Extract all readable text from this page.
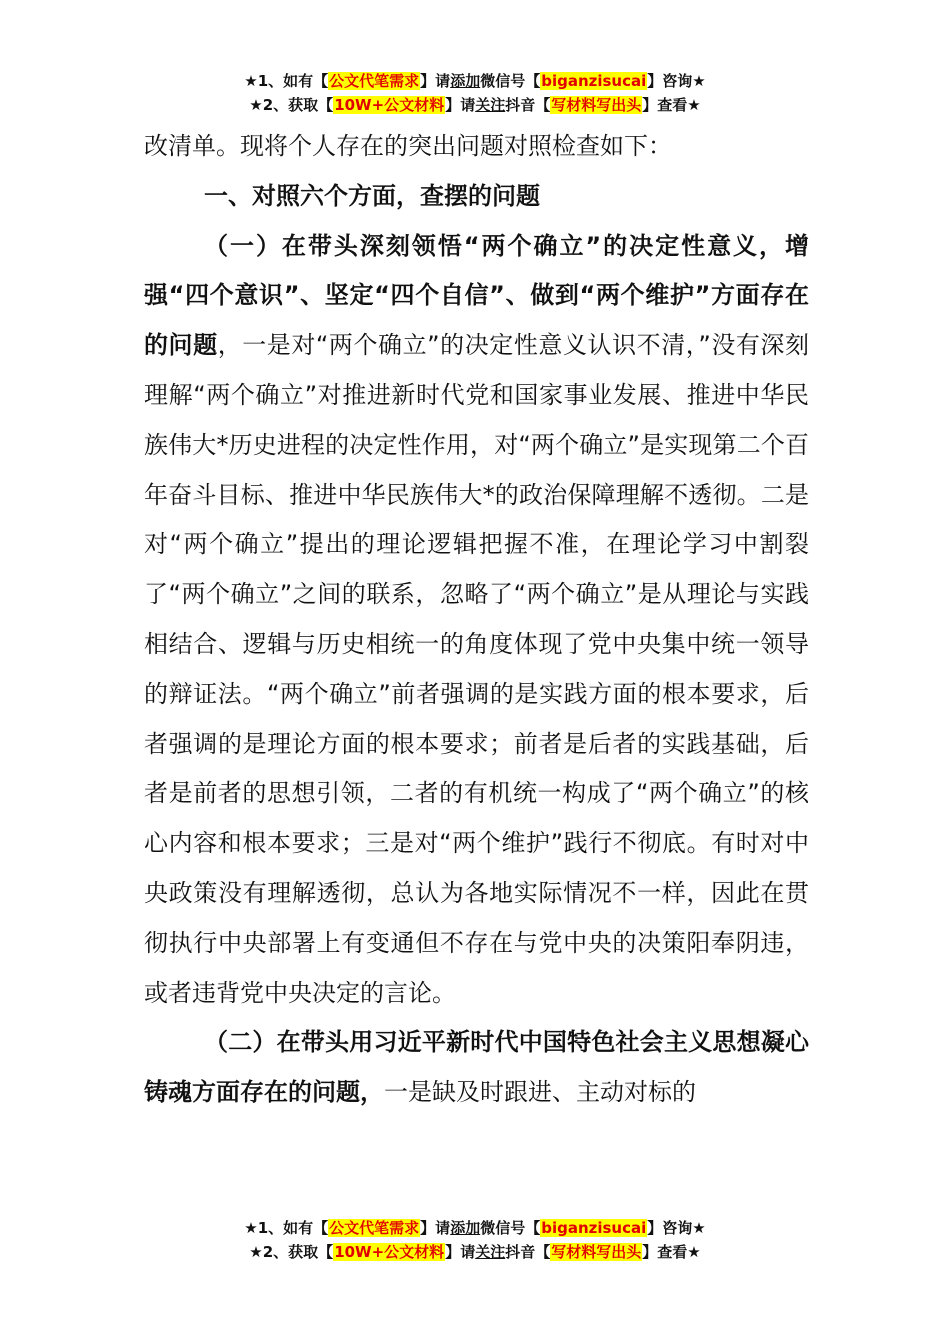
★1、如有【公文代笔需求】请添加微信号【biganzisucai】咨询★
★2、获取【10W+公文材料】请关注抖音【写材料写出头】查看★

改清单。现将个人存在的突出问题对照检查如下：

一、对照六个方面，查摆的问题

（一）在带头深刻领悟“两个确立”的决定性意义，增强“四个意识”、坚定“四个自信”、做到“两个维护”方面存在的问题，一是对“两个确立”的决定性意义认识不清，”没有深刻理解“两个确立”对推进新时代党和国家事业发展、推进中华民族伟大*历史进程的决定性作用，对“两个确立”是实现第二个百年奋斗目标、推进中华民族伟大*的政治保障理解不透彻。二是对“两个确立”提出的理论逻辑把握不准，在理论学习中割裂了“两个确立”之间的联系，忽略了“两个确立”是从理论与实践相结合、逻辑与历史相统一的角度体现了党中央集中统一领导的辩证法。“两个确立”前者强调的是实践方面的根本要求，后者强调的是理论方面的根本要求；前者是后者的实践基础，后者是前者的思想引领，二者的有机统一构成了“两个确立”的核心内容和根本要求；三是对“两个维护”践行不彻底。有时对中央政策没有理解透彻，总认为各地实际情况不一样，因此在贯彻执行中央部署上有变通但不存在与党中央的决策阳奉阴违，或者违背党中央决定的言论。

（二）在带头用习近平新时代中国特色社会主义思想凝心铸魂方面存在的问题，一是缺及时跟进、主动对标的

★1、如有【公文代笔需求】请添加微信号【biganzisucai】咨询★
★2、获取【10W+公文材料】请关注抖音【写材料写出头】查看★
